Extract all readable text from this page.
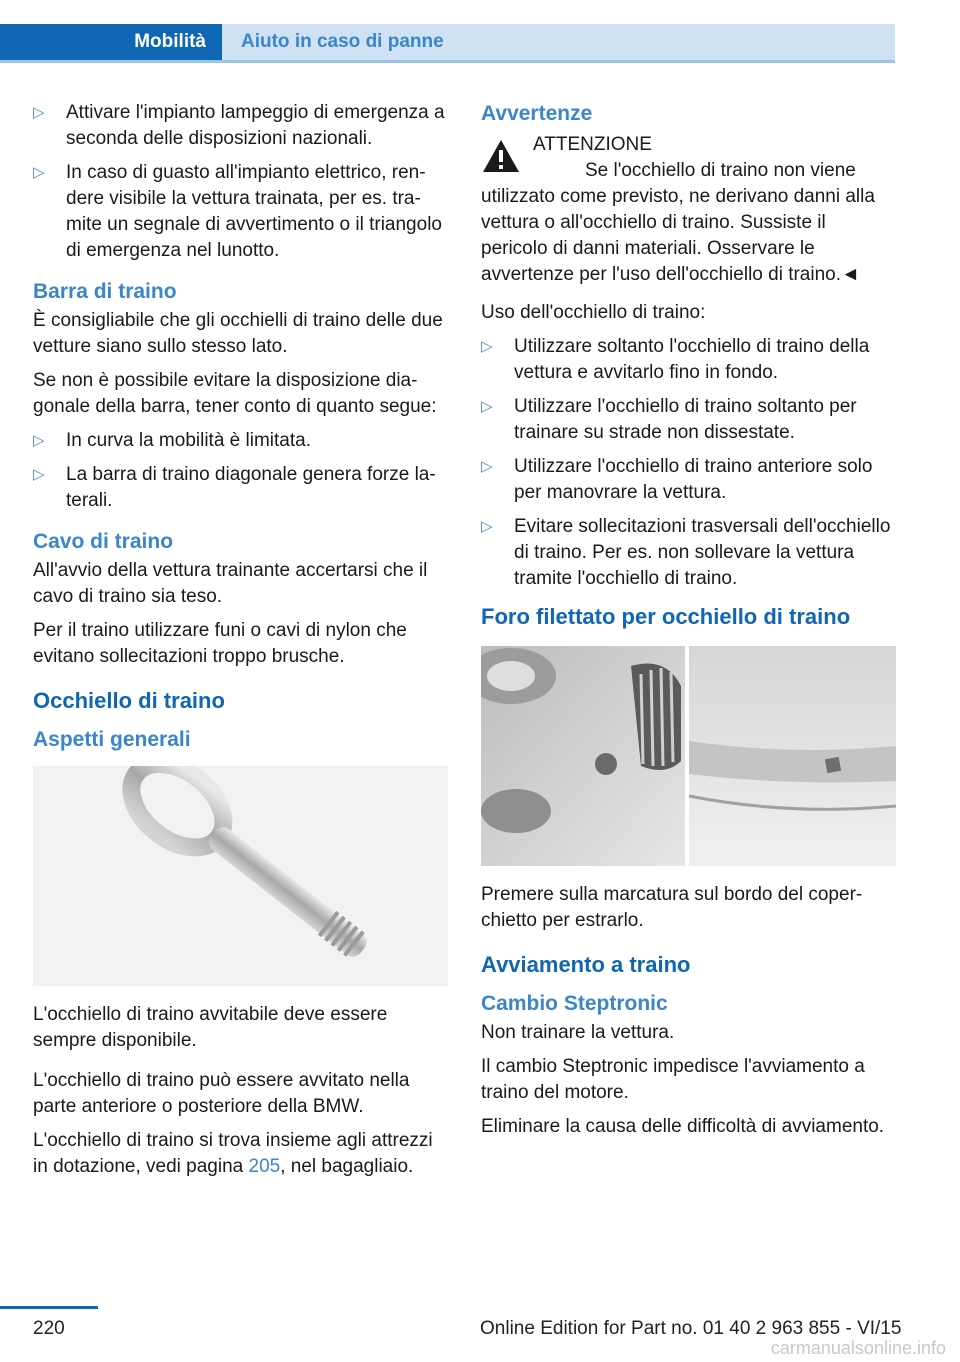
Mobilità	Aiuto in caso di panne
▷ Attivare l'impianto lampeggio di emergenza a seconda delle disposizioni nazionali.
▷ In caso di guasto all'impianto elettrico, rendere visibile la vettura trainata, per es. tramite un segnale di avvertimento o il triangolo di emergenza nel lunotto.
Barra di traino

È consigliabile che gli occhielli di traino delle due vetture siano sullo stesso lato.

Se non è possibile evitare la disposizione diagonale della barra, tener conto di quanto segue:

▷ In curva la mobilità è limitata.
▷ La barra di traino diagonale genera forze laterali.
Cavo di traino

All'avvio della vettura trainante accertarsi che il cavo di traino sia teso.

Per il traino utilizzare funi o cavi di nylon che evitano sollecitazioni troppo brusche.

Occhiello di traino
Aspetti generali

L'occhiello di traino avvitabile deve essere sempre disponibile.

L'occhiello di traino può essere avvitato nella parte anteriore o posteriore della BMW.

L'occhiello di traino si trova insieme agli attrezzi in dotazione, vedi pagina 205, nel bagagliaio.

Avvertenze

ATTENZIONE

Se l'occhiello di traino non viene utilizzato come previsto, ne derivano danni alla vettura o all'occhiello di traino. Sussiste il pericolo di danni materiali. Osservare le avvertenze per l'uso dell'occhiello di traino.◄

Uso dell'occhiello di traino:

▷ Utilizzare soltanto l'occhiello di traino della vettura e avvitarlo fino in fondo.
▷ Utilizzare l'occhiello di traino soltanto per trainare su strade non dissestate.
▷ Utilizzare l'occhiello di traino anteriore solo per manovrare la vettura.
▷ Evitare sollecitazioni trasversali dell'occhiello di traino. Per es. non sollevare la vettura tramite l'occhiello di traino.
Foro filettato per occhiello di traino

Premere sulla marcatura sul bordo del coperchietto per estrarlo.

Avviamento a traino
Cambio Steptronic

Non trainare la vettura.

Il cambio Steptronic impedisce l'avviamento a traino del motore.

Eliminare la causa delle difficoltà di avviamento.

220	Online Edition for Part no. 01 40 2 963 855 - VI/15
carmanualsonline.info
